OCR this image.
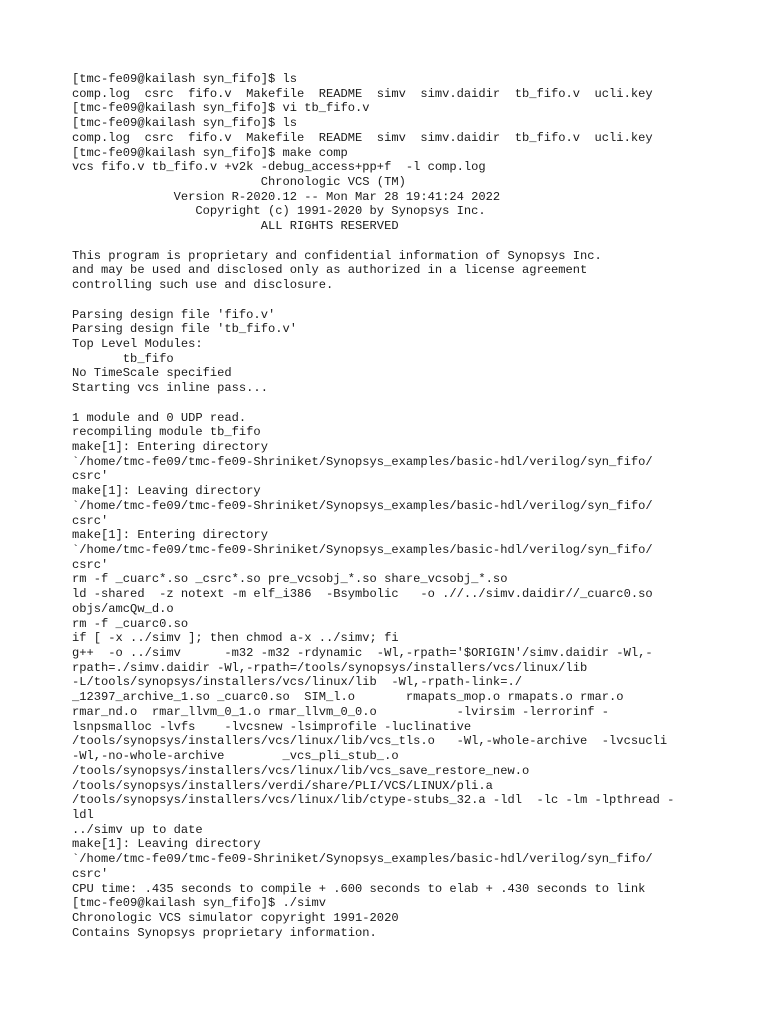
[tmc-fe09@kailash syn_fifo]$ ls
comp.log  csrc  fifo.v  Makefile  README  simv  simv.daidir  tb_fifo.v  ucli.key
[tmc-fe09@kailash syn_fifo]$ vi tb_fifo.v
[tmc-fe09@kailash syn_fifo]$ ls
comp.log  csrc  fifo.v  Makefile  README  simv  simv.daidir  tb_fifo.v  ucli.key
[tmc-fe09@kailash syn_fifo]$ make comp
vcs fifo.v tb_fifo.v +v2k -debug_access+pp+f  -l comp.log
Chronologic VCS (TM)
Version R-2020.12 -- Mon Mar 28 19:41:24 2022
Copyright (c) 1991-2020 by Synopsys Inc.
ALL RIGHTS RESERVED
This program is proprietary and confidential information of Synopsys Inc.
and may be used and disclosed only as authorized in a license agreement
controlling such use and disclosure.
Parsing design file 'fifo.v'
Parsing design file 'tb_fifo.v'
Top Level Modules:
tb_fifo
No TimeScale specified
Starting vcs inline pass...
1 module and 0 UDP read.
recompiling module tb_fifo
make[1]: Entering directory
`/home/tmc-fe09/tmc-fe09-Shriniket/Synopsys_examples/basic-hdl/verilog/syn_fifo/
csrc'
make[1]: Leaving directory
`/home/tmc-fe09/tmc-fe09-Shriniket/Synopsys_examples/basic-hdl/verilog/syn_fifo/
csrc'
make[1]: Entering directory
`/home/tmc-fe09/tmc-fe09-Shriniket/Synopsys_examples/basic-hdl/verilog/syn_fifo/
csrc'
rm -f _cuarc*.so _csrc*.so pre_vcsobj_*.so share_vcsobj_*.so
ld -shared  -z notext -m elf_i386  -Bsymbolic   -o .//../simv.daidir//_cuarc0.so
objs/amcQw_d.o
rm -f _cuarc0.so
if [ -x ../simv ]; then chmod a-x ../simv; fi
g++  -o ../simv      -m32 -m32 -rdynamic  -Wl,-rpath='$ORIGIN'/simv.daidir -Wl,-
rpath=./simv.daidir -Wl,-rpath=/tools/synopsys/installers/vcs/linux/lib
-L/tools/synopsys/installers/vcs/linux/lib  -Wl,-rpath-link=./
_12397_archive_1.so _cuarc0.so  SIM_l.o       rmapats_mop.o rmapats.o rmar.o
rmar_nd.o  rmar_llvm_0_1.o rmar_llvm_0_0.o           -lvirsim -lerrorinf -
lsnpsmalloc -lvfs    -lvcsnew -lsimprofile -luclinative
/tools/synopsys/installers/vcs/linux/lib/vcs_tls.o   -Wl,-whole-archive  -lvcsucli
-Wl,-no-whole-archive        _vcs_pli_stub_.o
/tools/synopsys/installers/vcs/linux/lib/vcs_save_restore_new.o
/tools/synopsys/installers/verdi/share/PLI/VCS/LINUX/pli.a
/tools/synopsys/installers/vcs/linux/lib/ctype-stubs_32.a -ldl  -lc -lm -lpthread -
ldl
../simv up to date
make[1]: Leaving directory
`/home/tmc-fe09/tmc-fe09-Shriniket/Synopsys_examples/basic-hdl/verilog/syn_fifo/
csrc'
CPU time: .435 seconds to compile + .600 seconds to elab + .430 seconds to link
[tmc-fe09@kailash syn_fifo]$ ./simv
Chronologic VCS simulator copyright 1991-2020
Contains Synopsys proprietary information.
